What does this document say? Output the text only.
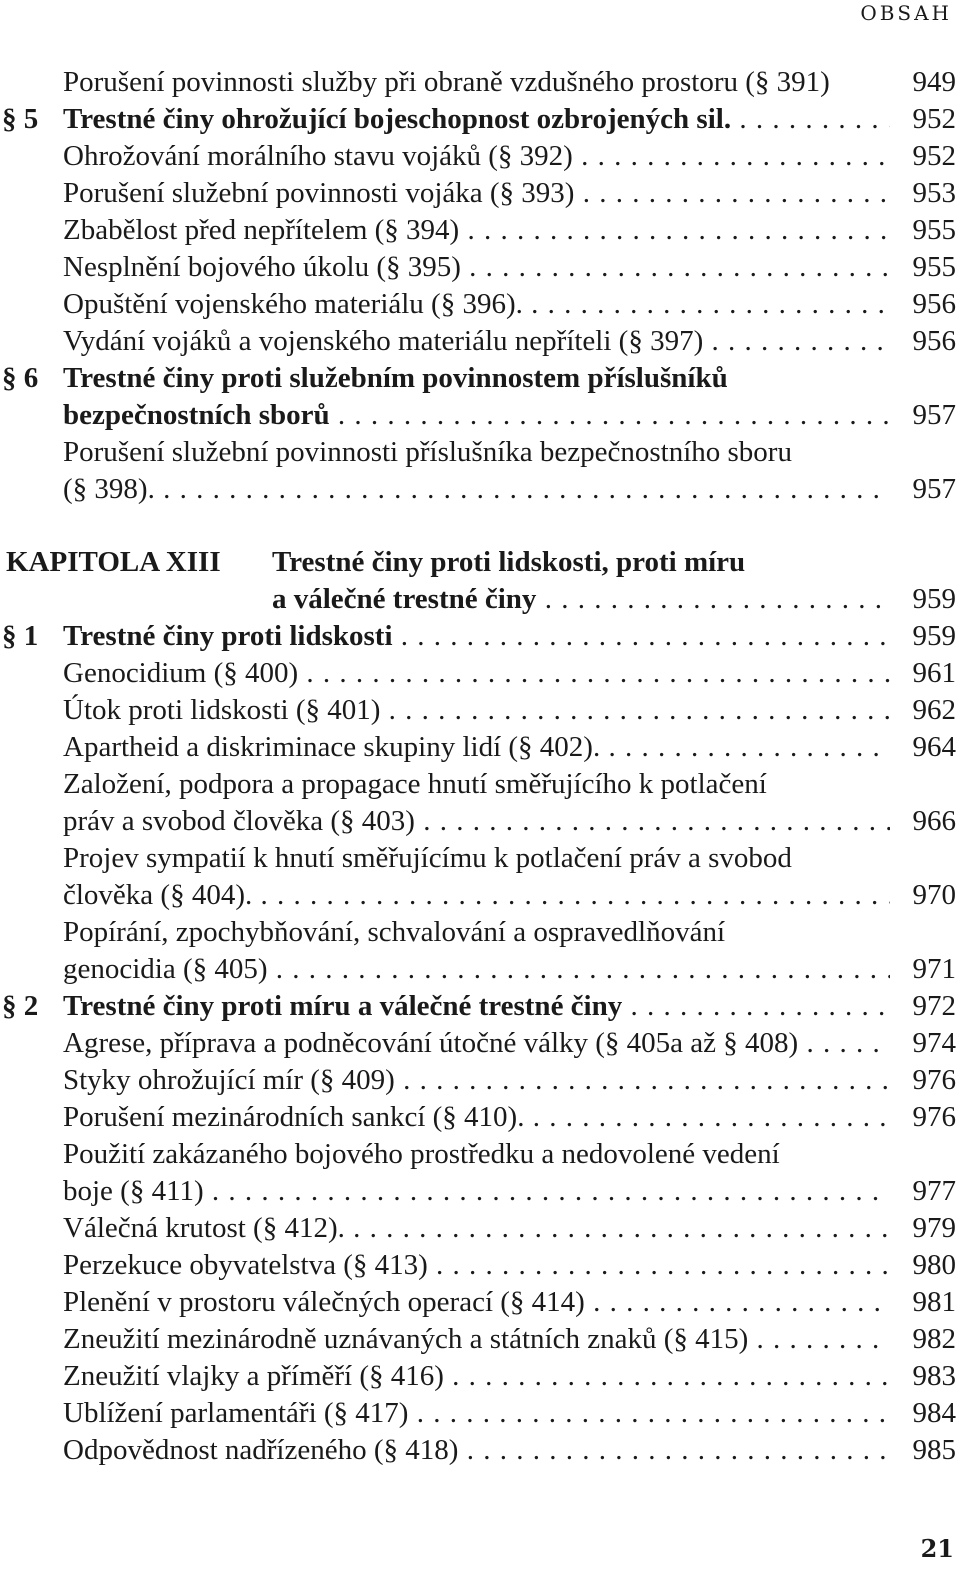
OBSAH
Porušení povinnosti služby při obraně vzdušného prostoru (§ 391)	949
§ 5 Trestné činy ohrožující bojeschopnost ozbrojených sil. . . .	952
Ohrožování morálního stavu vojáků (§ 392) . . .	952
Porušení služební povinnosti vojáka (§ 393) . . .	953
Zbabělost před nepřítelem (§ 394) . . .	955
Nesplnění bojového úkolu (§ 395) . . .	955
Opuštění vojenského materiálu (§ 396). . . .	956
Vydání vojáků a vojenského materiálu nepříteli (§ 397) . . .	956
§ 6 Trestné činy proti služebním povinnostem příslušníků
bezpečnostních sborů . . .	957
Porušení služební povinnosti příslušníka bezpečnostního sboru
(§ 398). . . .	957
KAPITOLA XIII Trestné činy proti lidskosti, proti míru
a válečné trestné činy . . .	959
§ 1 Trestné činy proti lidskosti . . .	959
Genocidium (§ 400) . . .	961
Útok proti lidskosti (§ 401) . . .	962
Apartheid a diskriminace skupiny lidí (§ 402). . . .	964
Založení, podpora a propagace hnutí směřujícího k potlačení
práv a svobod člověka (§ 403) . . .	966
Projev sympatií k hnutí směřujícímu k potlačení práv a svobod
člověka (§ 404). . . .	970
Popírání, zpochybňování, schvalování a ospravedlňování
genocidia (§ 405) . . .	971
§ 2 Trestné činy proti míru a válečné trestné činy . . .	972
Agrese, příprava a podněcování útočné války (§ 405a až § 408) . . .	974
Styky ohrožující mír (§ 409) . . .	976
Porušení mezinárodních sankcí (§ 410). . . .	976
Použití zakázaného bojového prostředku a nedovolené vedení
boje (§ 411) . . .	977
Válečná krutost (§ 412). . . .	979
Perzekuce obyvatelstva (§ 413) . . .	980
Plenění v prostoru válečných operací (§ 414) . . .	981
Zneužití mezinárodně uznávaných a státních znaků (§ 415) . . .	982
Zneužití vlajky a příměří (§ 416) . . .	983
Ublížení parlamentáři (§ 417) . . .	984
Odpovědnost nadřízeného (§ 418) . . .	985
21
